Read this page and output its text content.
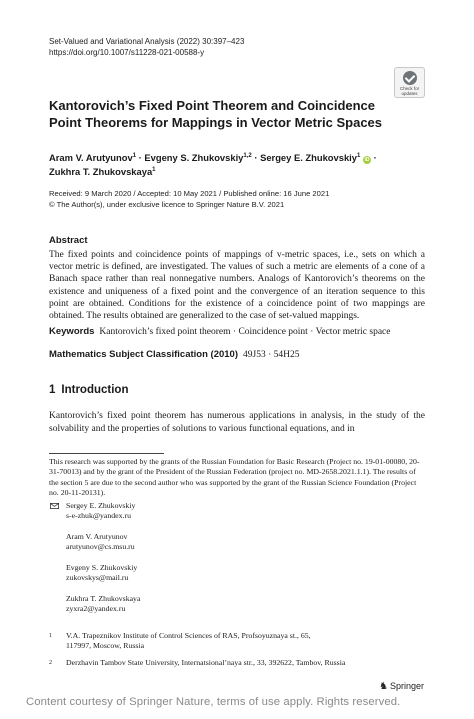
Set-Valued and Variational Analysis (2022) 30:397–423
https://doi.org/10.1007/s11228-021-00588-y
Check for
updates
Kantorovich’s Fixed Point Theorem and Coincidence
Point Theorems for Mappings in Vector Metric Spaces
Aram V. Arutyunov$^1$ · Evgeny S. Zhukovskiy$^{1,2}$ · Sergey E. Zhukovskiy$^1$ iD ·
Zukhra T. Zhukovskaya$^1$
Received: 9 March 2020 / Accepted: 10 May 2021 / Published online: 16 June 2021
© The Author(s), under exclusive licence to Springer Nature B.V. 2021
Abstract
The fixed points and coincidence points of mappings of v-metric spaces, i.e., sets on which a vector metric is defined, are investigated. The values of such a metric are elements of a cone of a Banach space rather than real nonnegative numbers. Analogs of Kantorovich’s theorems on the existence and uniqueness of a fixed point and the convergence of an iteration sequence to this point are obtained. Conditions for the existence of a coincidence point of two mappings are obtained. The results obtained are generalized to the case of set-valued mappings.
Keywords Kantorovich’s fixed point theorem · Coincidence point · Vector metric space
Mathematics Subject Classification (2010) 49J53 · 54H25
1 Introduction
Kantorovich’s fixed point theorem has numerous applications in analysis, in the study of the solvability and the properties of solutions to various functional equations, and in
This research was supported by the grants of the Russian Foundation for Basic Research (Project no. 19-01-00080, 20-31-70013) and by the grant of the President of the Russian Federation (project no. MD-2658.2021.1.1). The results of the section 5 are due to the second author who was supported by the grant of the Russian Science Foundation (Project no. 20-11-20131).
Sergey E. Zhukovskiy
s-e-zhuk@yandex.ru
Aram V. Arutyunov
arutyunov@cs.msu.ru
Evgeny S. Zhukovskiy
zukovskys@mail.ru
Zukhra T. Zhukovskaya
zyxra2@yandex.ru
1 V.A. Trapeznikov Institute of Control Sciences of RAS, Profsoyuznaya st., 65,
117997, Moscow, Russia
2 Derzhavin Tambov State University, Internatsional’naya str., 33, 392622, Tambov, Russia
♞ Springer
Content courtesy of Springer Nature, terms of use apply. Rights reserved.
